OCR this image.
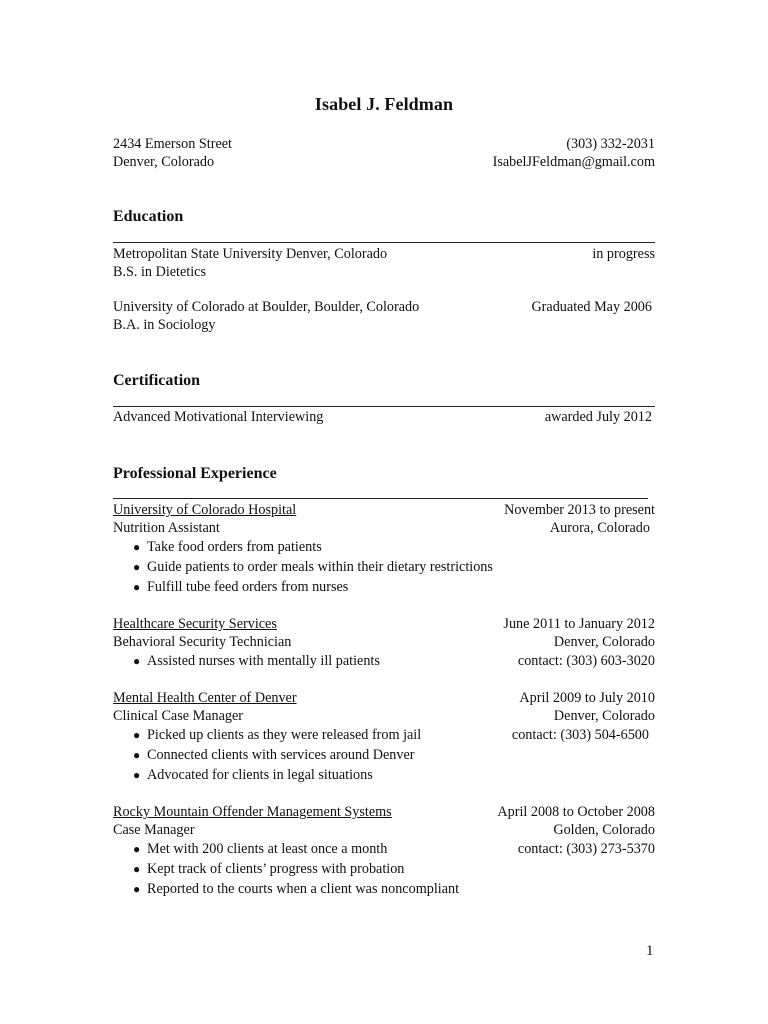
Isabel J. Feldman
2434 Emerson Street	(303) 332-2031
Denver, Colorado	IsabelJFeldman@gmail.com
Education
Metropolitan State University Denver, Colorado	in progress
B.S. in Dietetics
University of Colorado at Boulder, Boulder, Colorado	Graduated May 2006
B.A. in Sociology
Certification
Advanced Motivational Interviewing	awarded July 2012
Professional Experience
University of Colorado Hospital	November 2013 to present
Nutrition Assistant	Aurora, Colorado
● Take food orders from patients
● Guide patients to order meals within their dietary restrictions
● Fulfill tube feed orders from nurses
Healthcare Security Services	June 2011 to January 2012
Behavioral Security Technician	Denver, Colorado
● Assisted nurses with mentally ill patients	contact: (303) 603-3020
Mental Health Center of Denver	April 2009 to July 2010
Clinical Case Manager	Denver, Colorado
● Picked up clients as they were released from jail	contact: (303) 504-6500
● Connected clients with services around Denver
● Advocated for clients in legal situations
Rocky Mountain Offender Management Systems	April 2008 to October 2008
Case Manager	Golden, Colorado
● Met with 200 clients at least once a month	contact: (303) 273-5370
● Kept track of clients’ progress with probation
● Reported to the courts when a client was noncompliant
1
